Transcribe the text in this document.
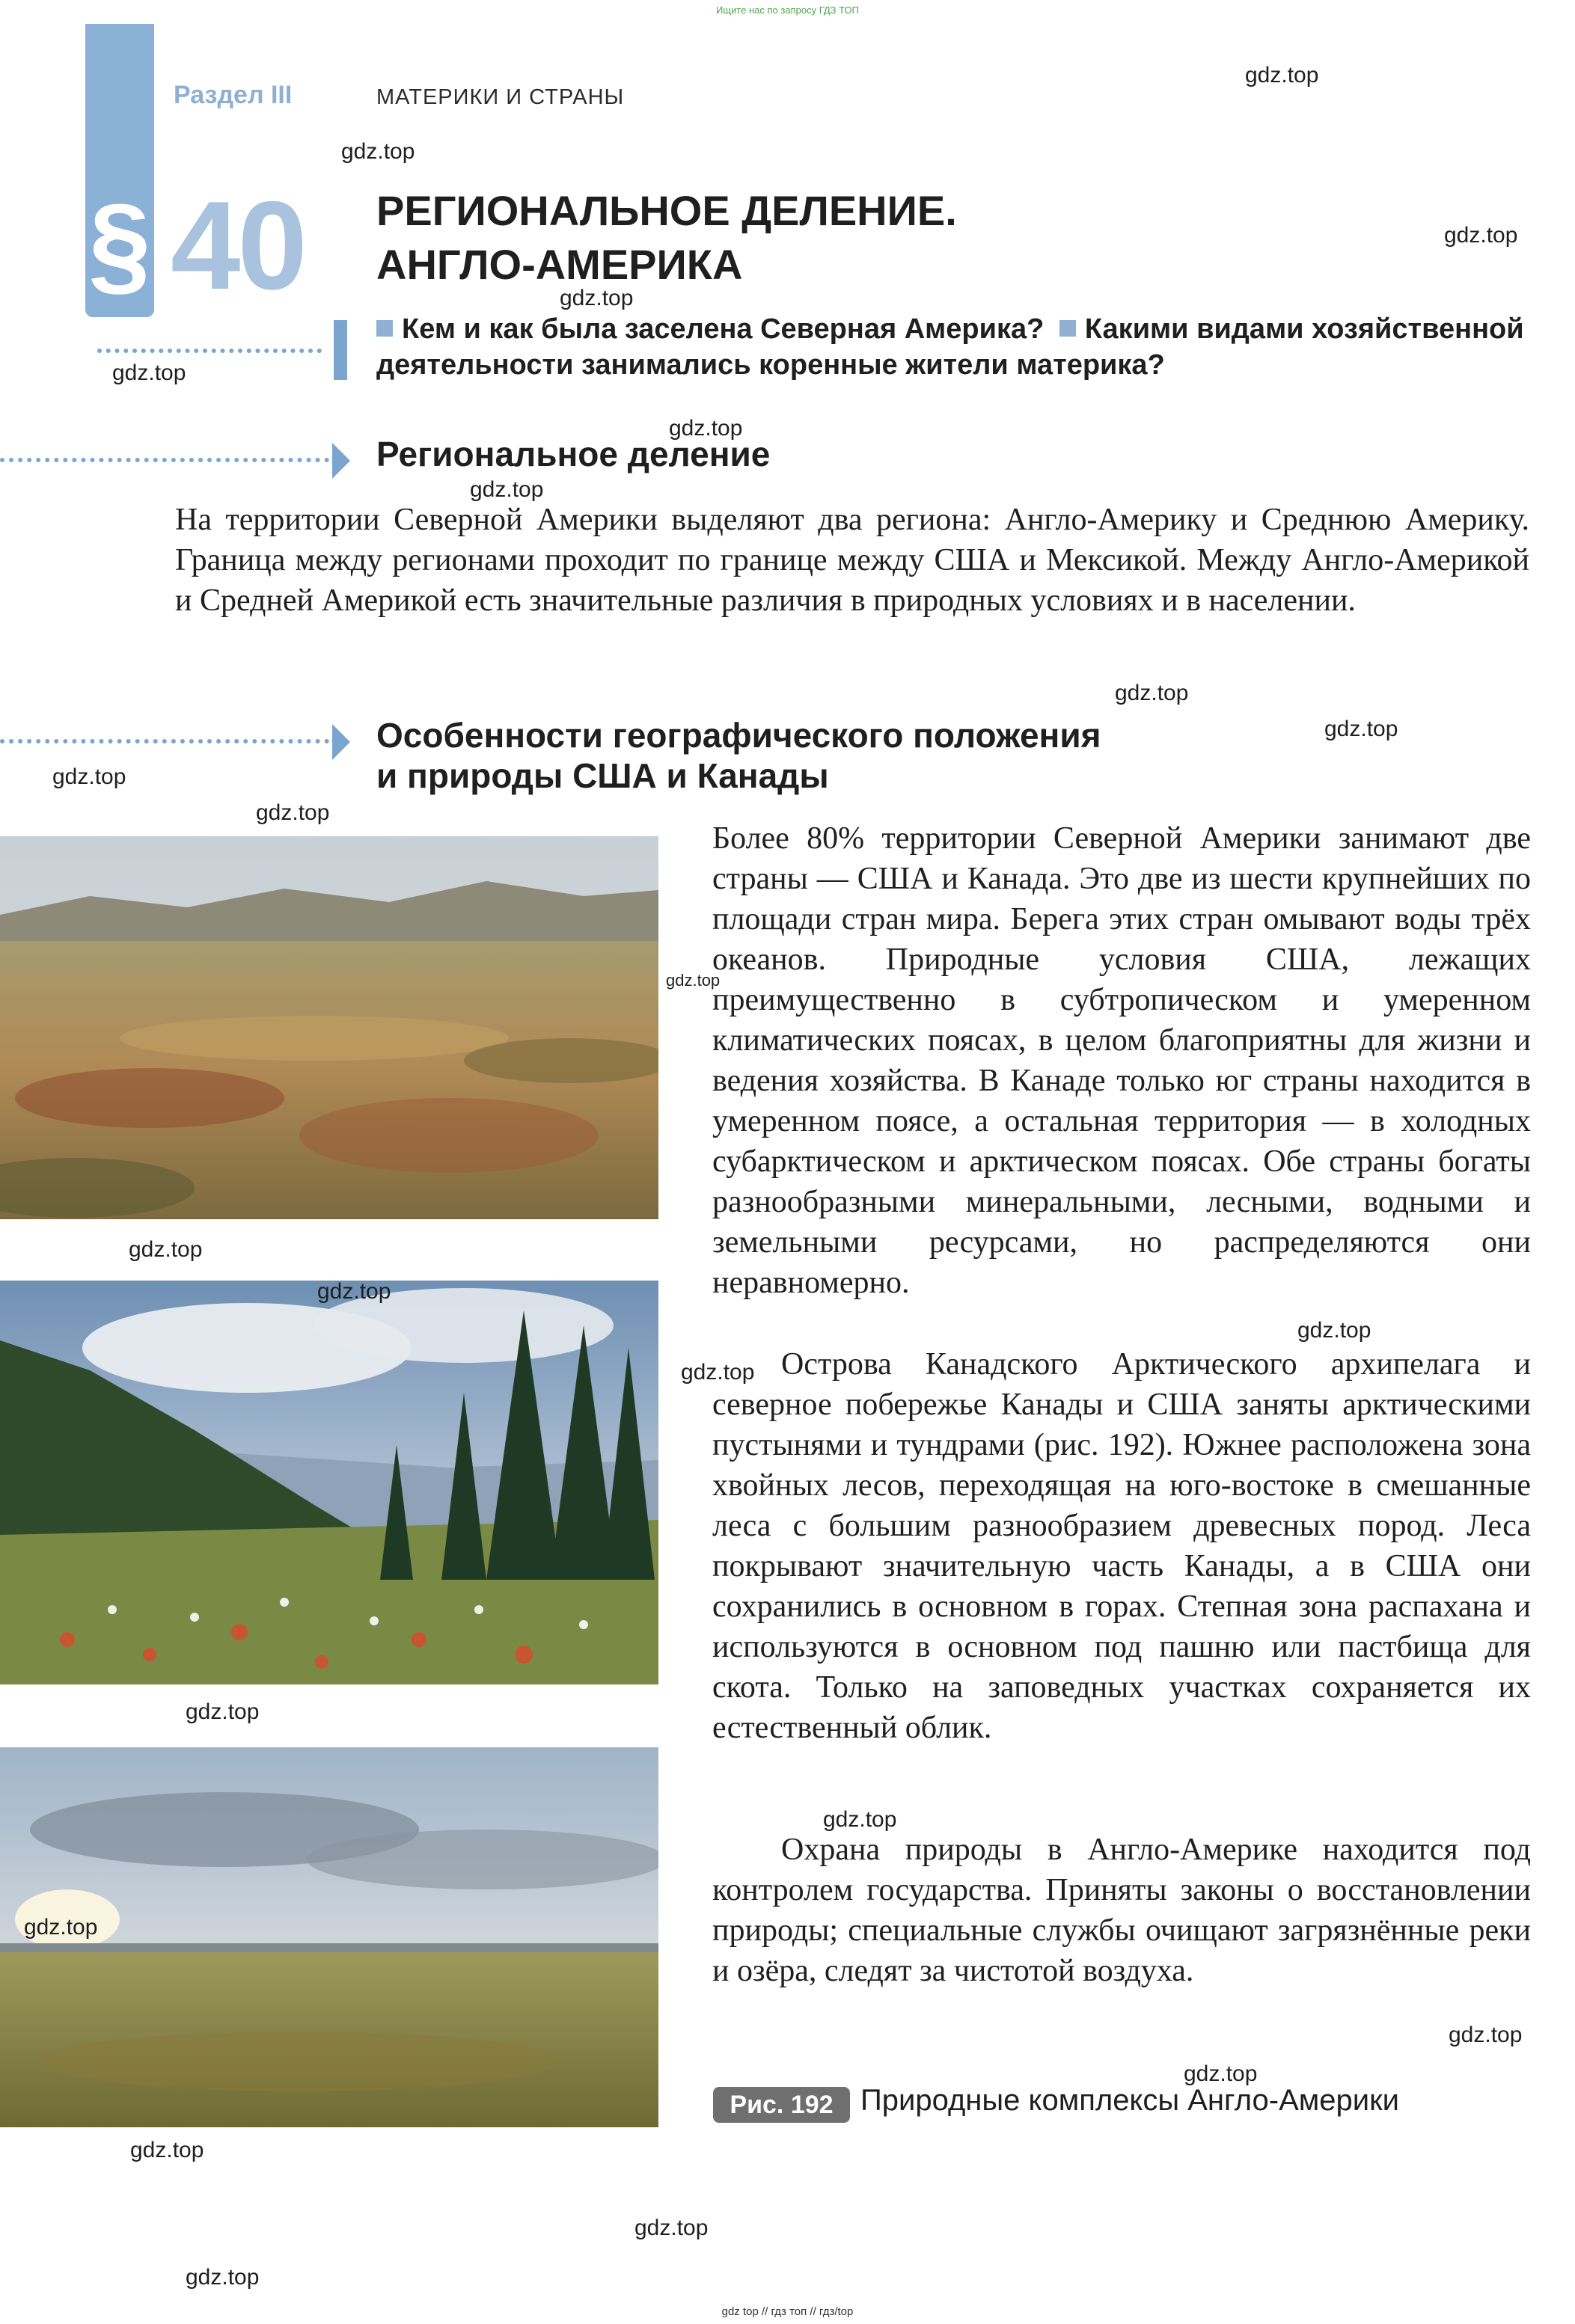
Ищите нас по запросу ГДЗ ТОП
§ 40
Раздел III	МАТЕРИКИ И СТРАНЫ
РЕГИОНАЛЬНОЕ ДЕЛЕНИЕ.
АНГЛО-АМЕРИКА
Кем и как была заселена Северная Америка? Какими видами хозяйственной деятельности занимались коренные жители материка?
Региональное деление
На территории Северной Америки выделяют два региона: Англо-Америку и Среднюю Америку. Граница между регионами проходит по границе между США и Мексикой. Между Англо-Америкой и Средней Америкой есть значительные различия в природных условиях и в населении.
Особенности географического положения
и природы США и Канады
Более 80% территории Северной Америки занимают две страны — США и Канада. Это две из шести крупнейших по площади стран мира. Берега этих стран омывают воды трёх океанов. Природные условия США, лежащих преимущественно в субтропическом и умеренном климатических поясах, в целом благоприятны для жизни и ведения хозяйства. В Канаде только юг страны находится в умеренном поясе, а остальная территория — в холодных субарктическом и арктическом поясах. Обе страны богаты разнообразными минеральными, лесными, водными и земельными ресурсами, но распределяются они неравномерно.
Острова Канадского Арктического архипелага и северное побережье Канады и США заняты арктическими пустынями и тундрами (рис. 192). Южнее расположена зона хвойных лесов, переходящая на юго-востоке в смешанные леса с большим разнообразием древесных пород. Леса покрывают значительную часть Канады, а в США они сохранились в основном в горах. Степная зона распахана и используются в основном под пашню или пастбища для скота. Только на заповедных участках сохраняется их естественный облик.
Охрана природы в Англо-Америке находится под контролем государства. Приняты законы о восстановлении природы; специальные службы очищают загрязнённые реки и озёра, следят за чистотой воздуха.
Рис. 192 Природные комплексы Англо-Америки
gdz.top
gdz.top
gdz.top
gdz.top
gdz.top
gdz.top
gdz.top
gdz.top
gdz.top
gdz.top
gdz.top
gdz.top
gdz.top
gdz.top
gdz.top
gdz.top
gdz.top
gdz.top
gdz.top
gdz.top
gdz.top
gdz.top
gdz.top
gdz.top
gdz top // гдз топ // гдз/top
